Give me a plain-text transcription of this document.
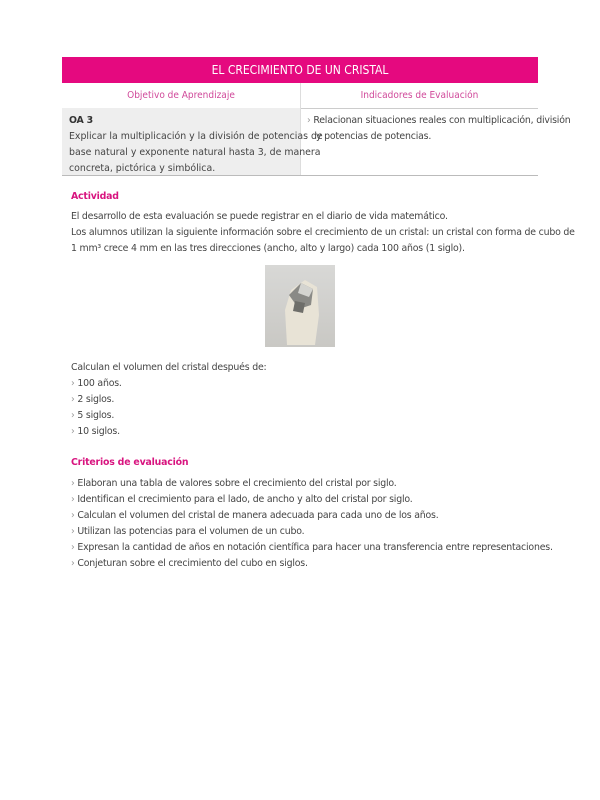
EL CRECIMIENTO DE UN CRISTAL
Objetivo de Aprendizaje	Indicadores de Evaluación
OA 3
Explicar la multiplicación y la división de potencias de
base natural y exponente natural hasta 3, de manera
concreta, pictórica y simbólica.
› Relacionan situaciones reales con multiplicación, división
y potencias de potencias.
Actividad
El desarrollo de esta evaluación se puede registrar en el diario de vida matemático.
Los alumnos utilizan la siguiente información sobre el crecimiento de un cristal: un cristal con forma de cubo de
1 mm³ crece 4 mm en las tres direcciones (ancho, alto y largo) cada 100 años (1 siglo).
Calculan el volumen del cristal después de:
› 100 años.
› 2 siglos.
› 5 siglos.
› 10 siglos.
Criterios de evaluación
› Elaboran una tabla de valores sobre el crecimiento del cristal por siglo.
› Identifican el crecimiento para el lado, de ancho y alto del cristal por siglo.
› Calculan el volumen del cristal de manera adecuada para cada uno de los años.
› Utilizan las potencias para el volumen de un cubo.
› Expresan la cantidad de años en notación científica para hacer una transferencia entre representaciones.
› Conjeturan sobre el crecimiento del cubo en siglos.
